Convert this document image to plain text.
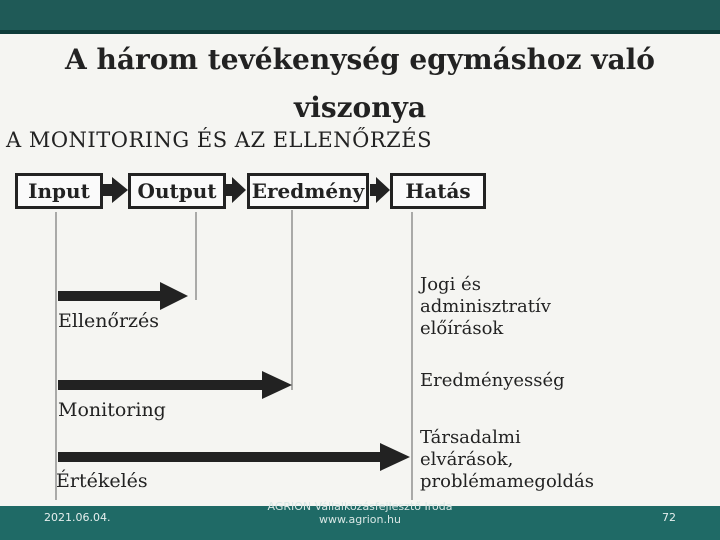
A három tevékenység egymáshoz való
viszonya
A MONITORING ÉS AZ ELLENŐRZÉS
Input	Output	Eredmény	Hatás
Ellenőrzés
Monitoring
Értékelés
Jogi és
adminisztratív
előírások
Eredményesség
Társadalmi
elvárások,
problémamegoldás
2021.06.04.
AGRION Vállalkozásfejlesztő Iroda
www.agrion.hu	72
